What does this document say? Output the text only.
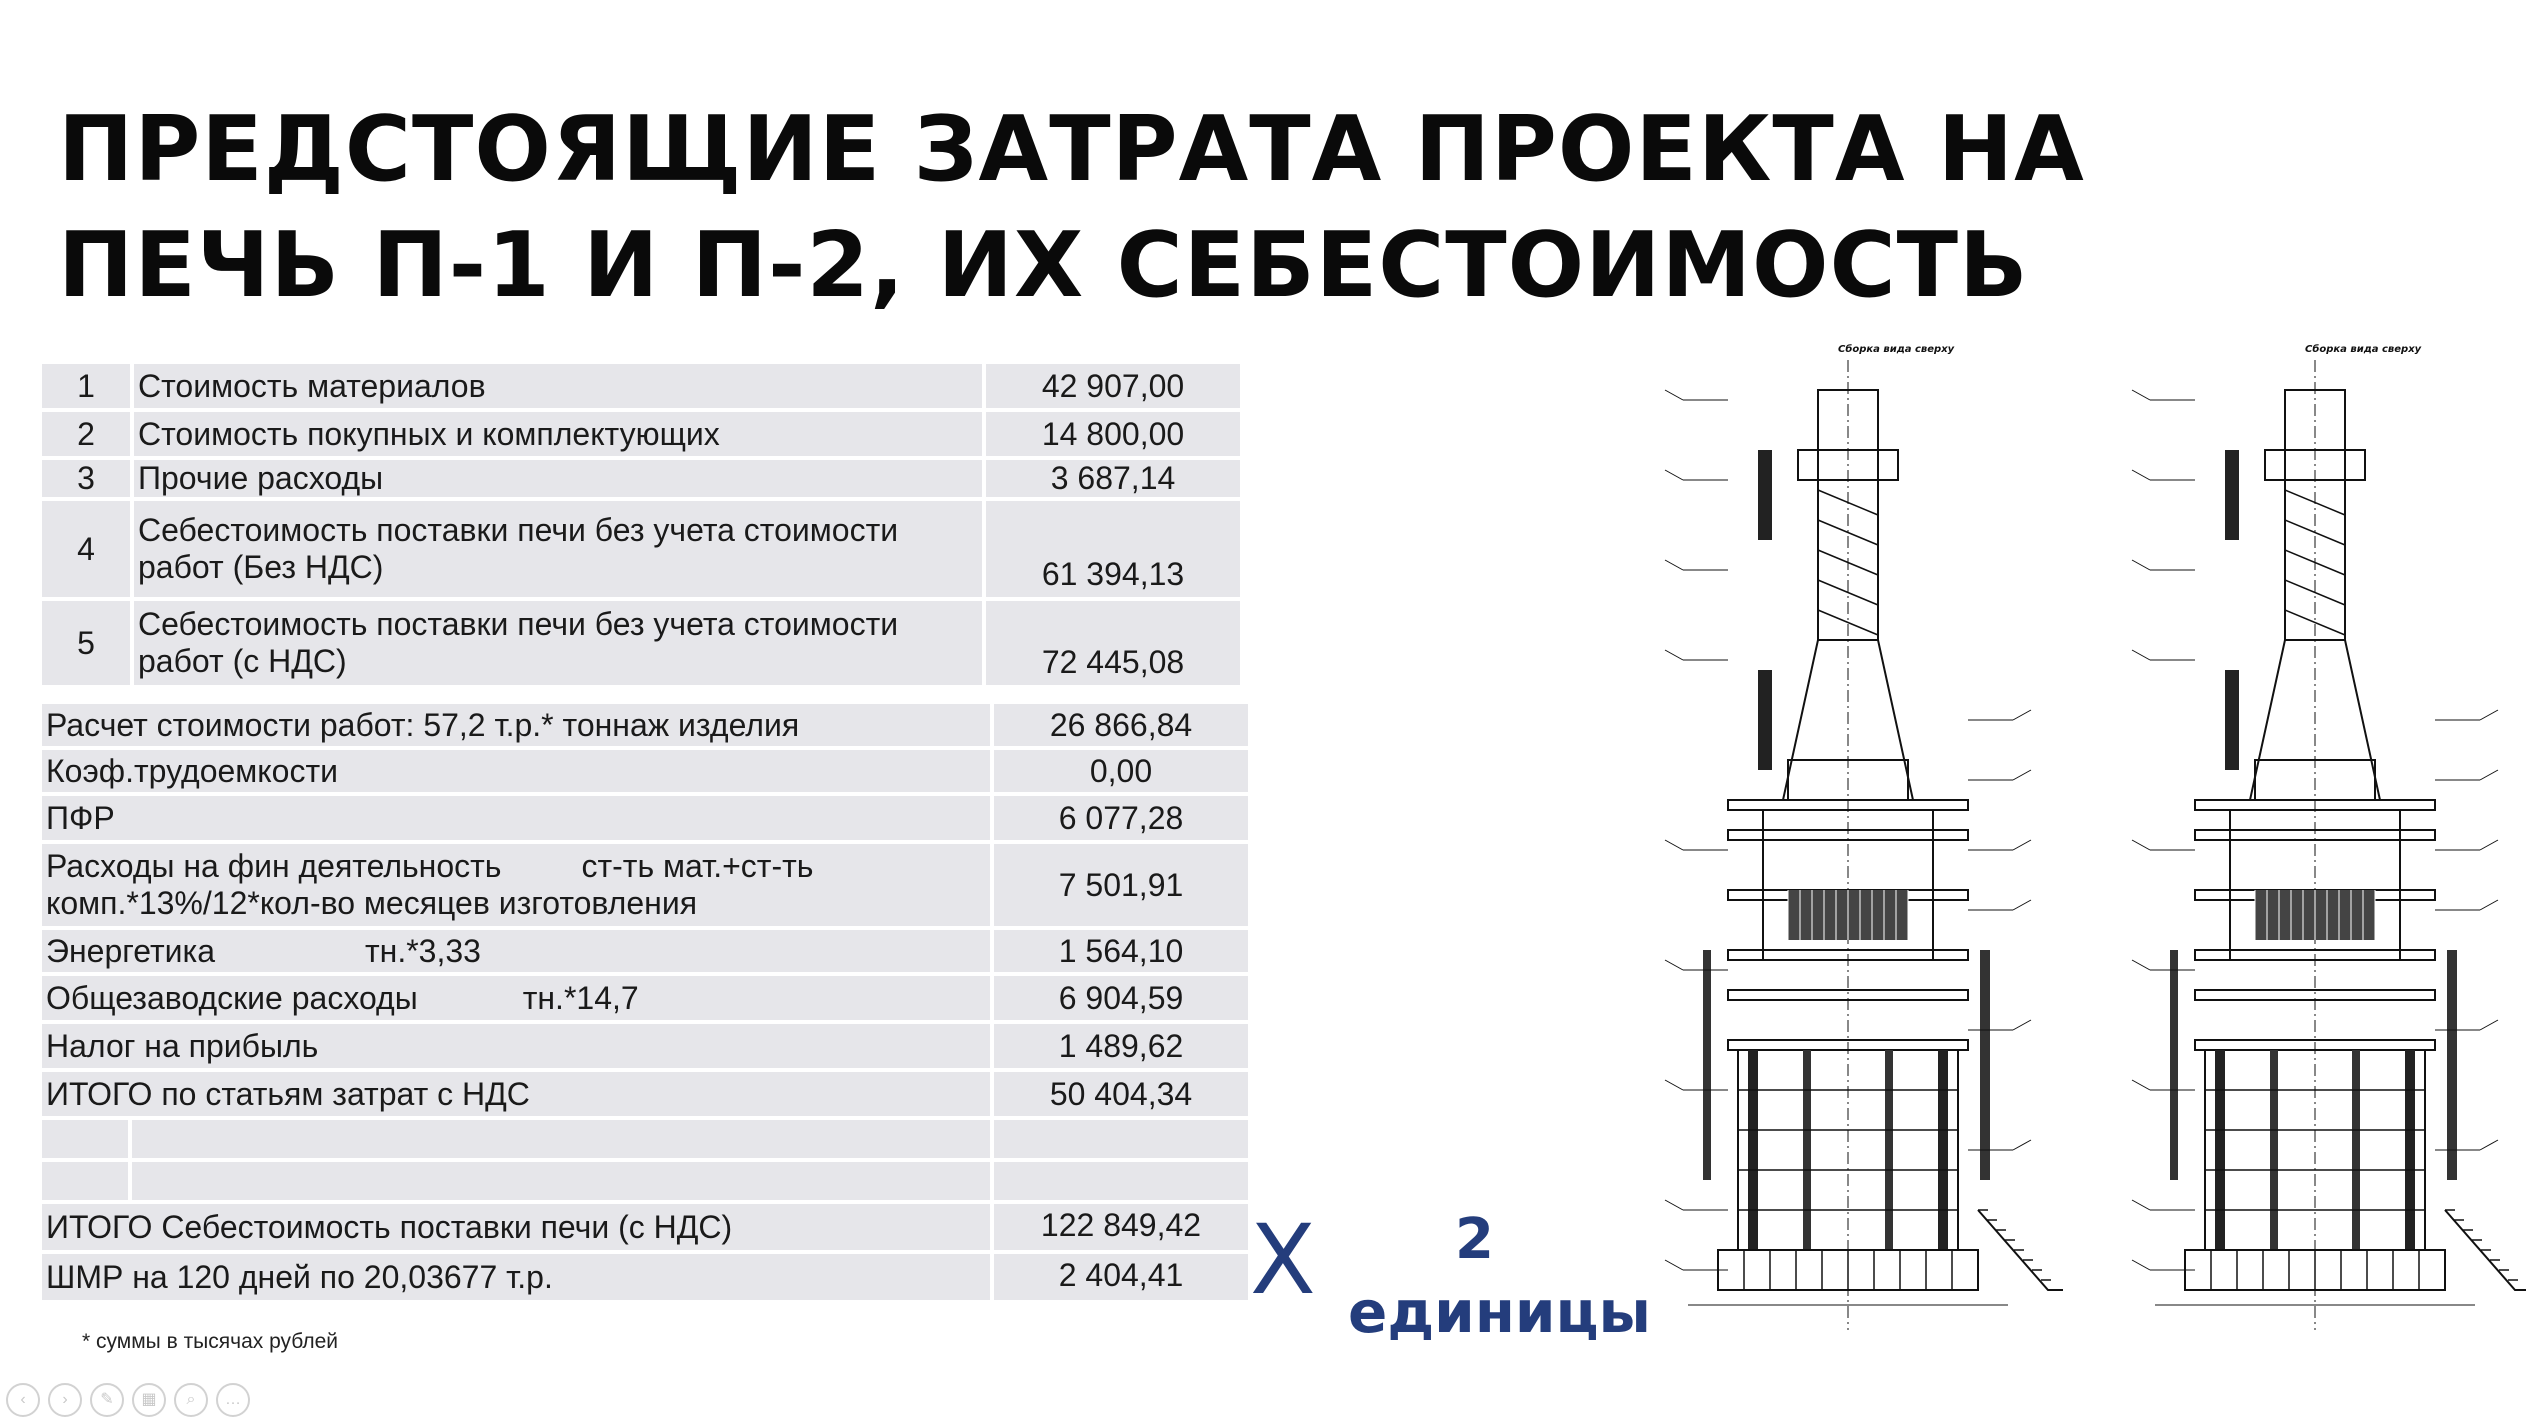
ПРЕДСТОЯЩИЕ ЗАТРАТА ПРОЕКТА НА
ПЕЧЬ П-1 И П-2, ИХ СЕБЕСТОИМОСТЬ
1	Стоимость материалов	42 907,00
2	Стоимость покупных и комплектующих	14 800,00
3	Прочие расходы	3 687,14
4	Себестоимость поставки печи без учета стоимости работ (Без НДС)	61 394,13
5	Себестоимость поставки печи без учета стоимости работ (с НДС)	72 445,08
Расчет стоимости работ: 57,2 т.р.* тоннаж изделия		26 866,84
Коэф.трудоемкости		0,00
ПФР		6 077,28
Расходы на фин деятельность ст-ть мат.+ст-ть
комп.*13%/12*кол-во месяцев изготовления		7 501,91
Энергетика тн.*3,33		1 564,10
Общезаводские расходы тн.*14,7		6 904,59
Налог на прибыль		1 489,62
ИТОГО по статьям затрат с НДС		50 404,34

ИТОГО Себестоимость поставки печи (с НДС)		122 849,42
ШМР на 120 дней по 20,03677 т.р.		2 404,41
* суммы в тысячах рублей
Х 2
единицы
Сборка вида сверху	Сборка вида сверху
‹	›	✎	▦	⌕	…
